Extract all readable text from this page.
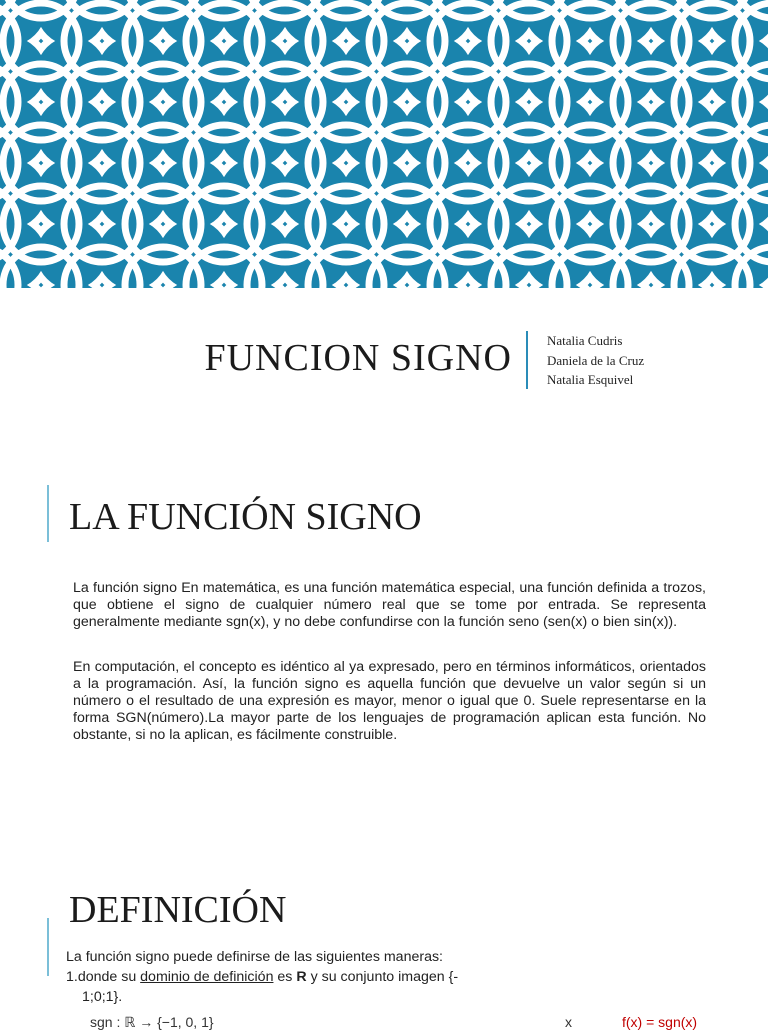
FUNCION SIGNO	Natalia Cudris
Daniela de la Cruz
Natalia Esquivel
LA FUNCIÓN SIGNO

La función signo En matemática, es una función matemática especial, una función definida a trozos, que obtiene el signo de cualquier número real que se tome por entrada. Se representa generalmente mediante sgn(x), y no debe confundirse con la función seno (sen(x) o bien sin(x)).

En computación, el concepto es idéntico al ya expresado, pero en términos informáticos, orientados a la programación. Así, la función signo es aquella función que devuelve un valor según si un número o el resultado de una expresión es mayor, menor o igual que 0. Suele representarse en la forma SGN(número).La mayor parte de los lenguajes de programación aplican esta función. No obstante, si no la aplican, es fácilmente construible.

DEFINICIÓN
La función signo puede definirse de las siguientes maneras:
1.donde su dominio de definición es R y su conjunto imagen {-
1;0;1}.
sgn : ℝ → {−1, 0, 1}	x	f(x) = sgn(x)
